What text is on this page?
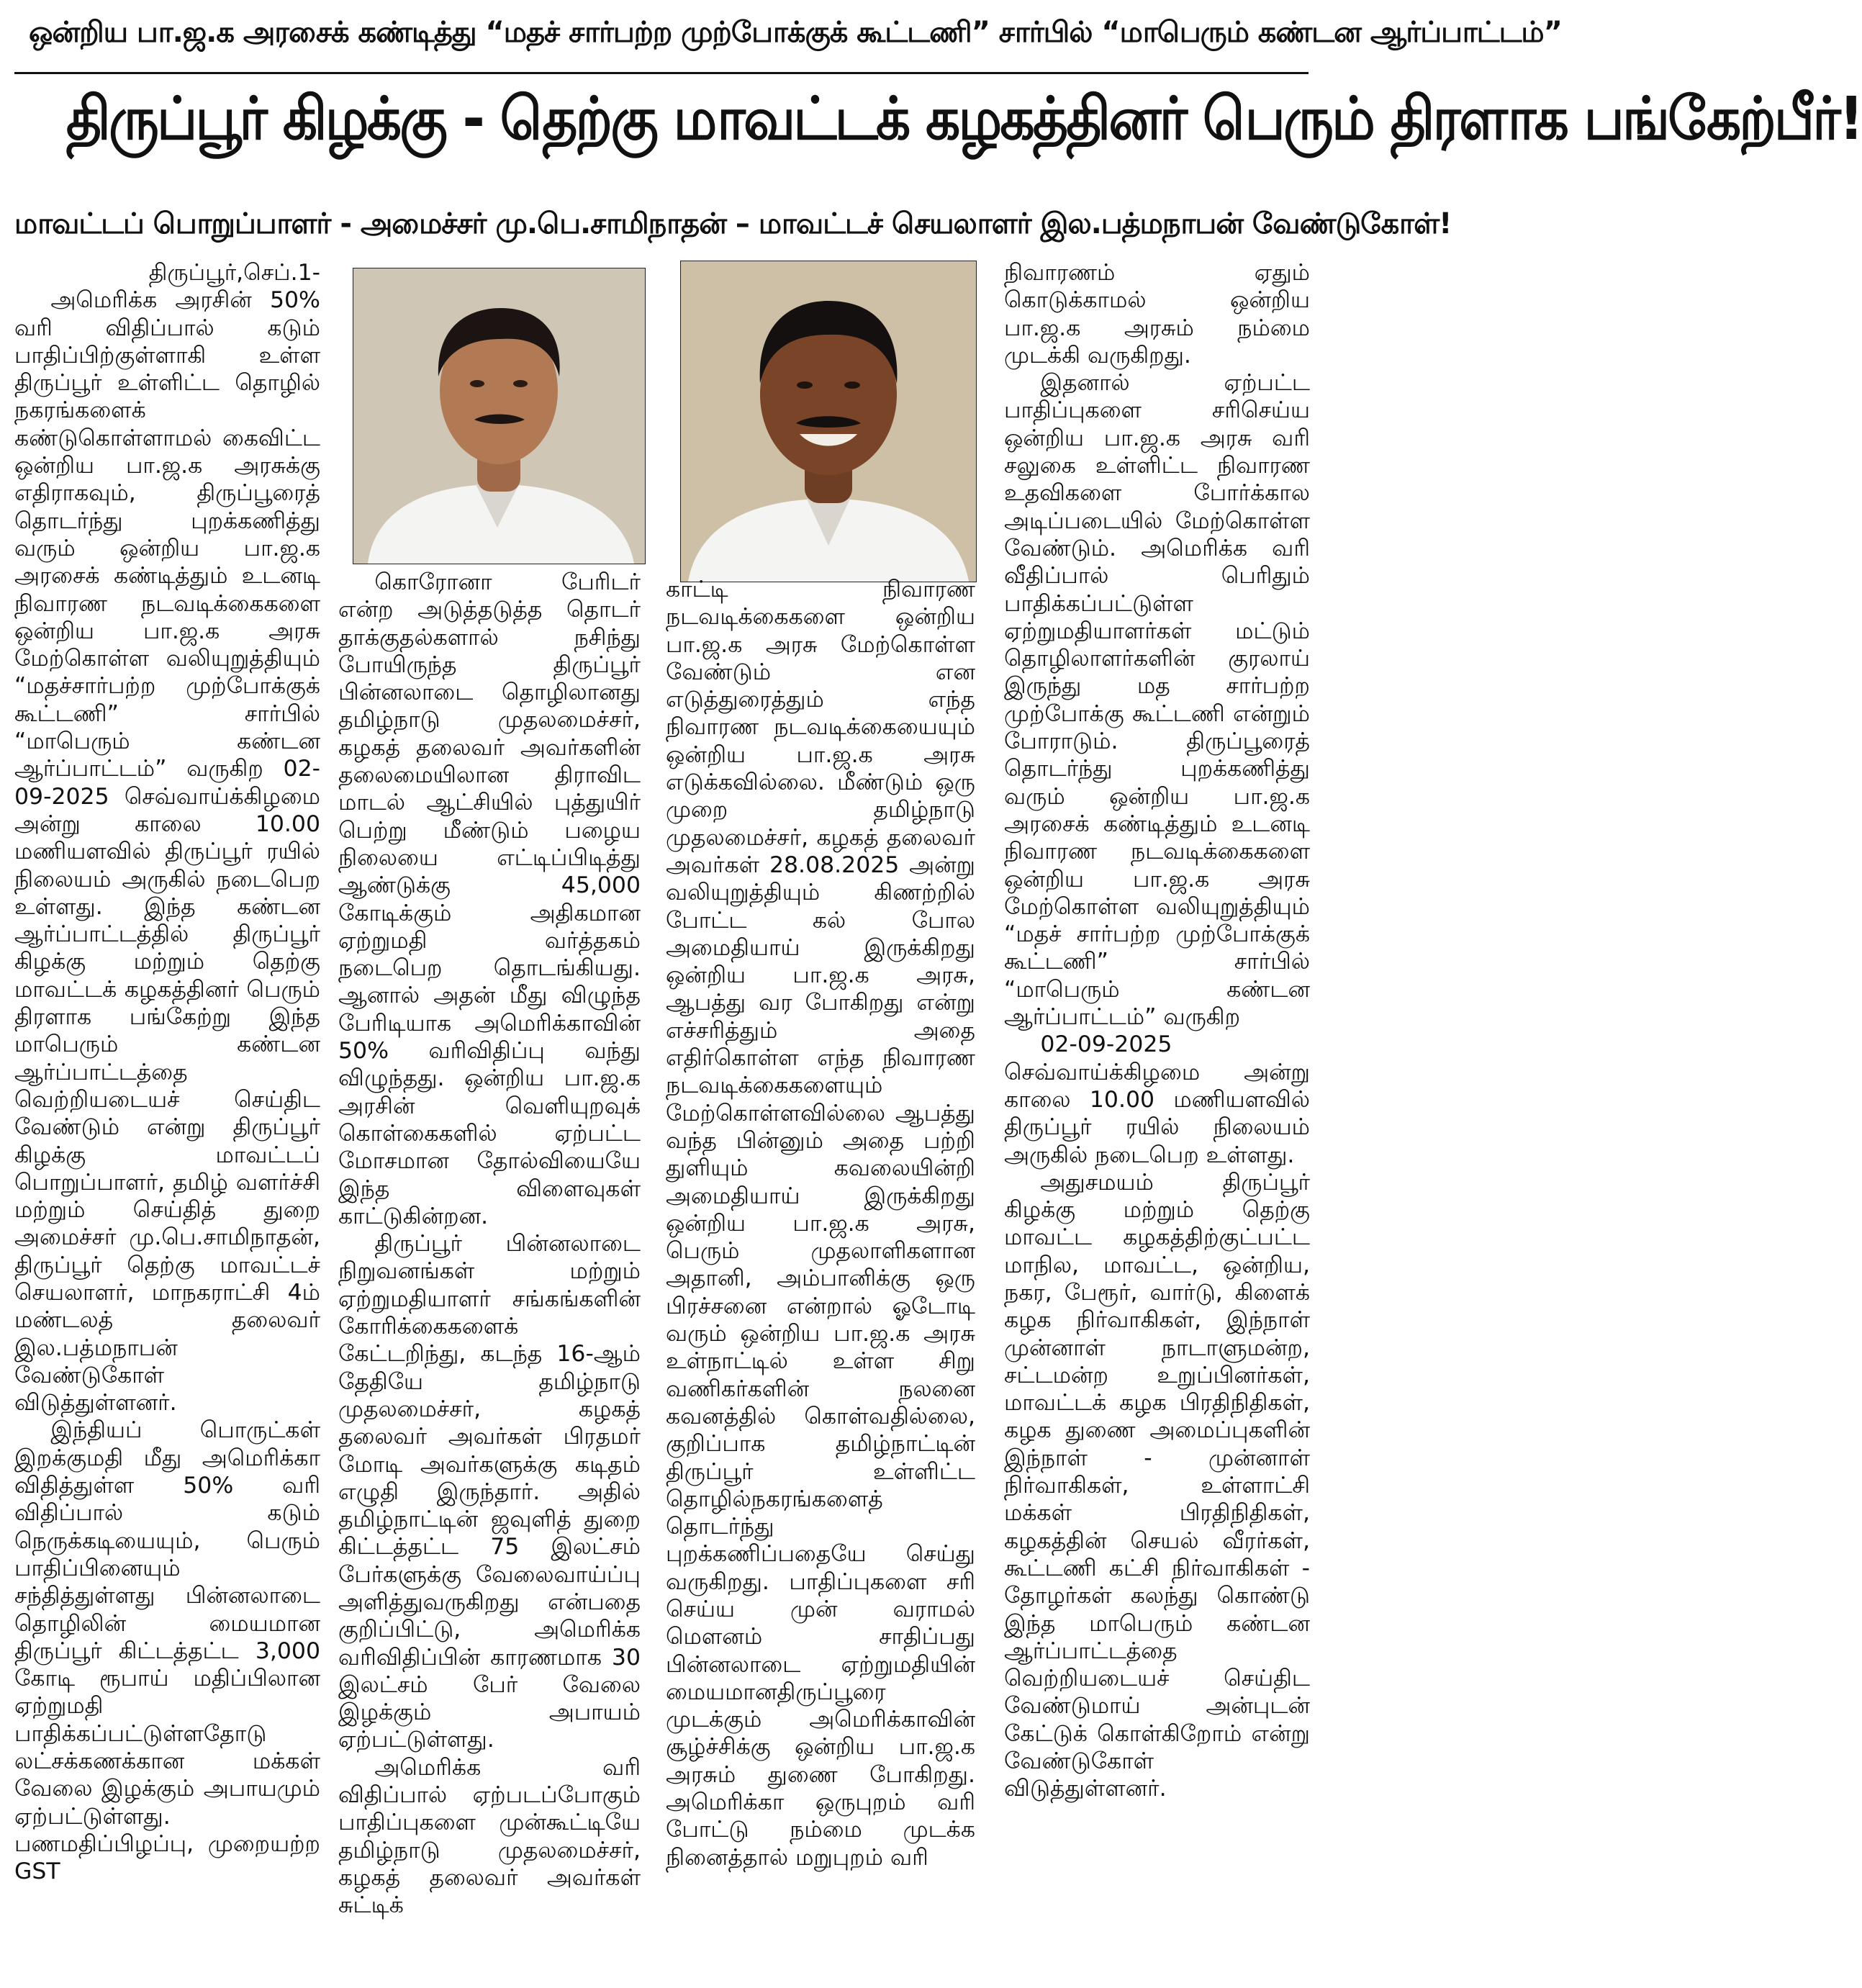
ஒன்றிய பா.ஜ.க அரசைக் கண்டித்து “மதச் சார்பற்ற முற்போக்குக் கூட்டணி” சார்பில் “மாபெரும் கண்டன ஆர்ப்பாட்டம்”
திருப்பூர் கிழக்கு - தெற்கு மாவட்டக் கழகத்தினர் பெரும் திரளாக பங்கேற்பீர்!
மாவட்டப் பொறுப்பாளர் - அமைச்சர் மு.பெ.சாமிநாதன் – மாவட்டச் செயலாளர் இல.பத்மநாபன் வேண்டுகோள்!
திருப்பூர்,செப்.1-

அமெரிக்க அரசின் 50% வரி விதிப்பால் கடும் பாதிப்பிற்குள்ளாகி உள்ள திருப்பூர் உள்ளிட்ட தொழில் நகரங்களைக் கண்டுகொள்ளாமல் கைவிட்ட ஒன்றிய பா.ஜ.க அரசுக்கு எதிராகவும், திருப்பூரைத் தொடர்ந்து புறக்கணித்து வரும் ஒன்றிய பா.ஜ.க அரசைக் கண்டித்தும் உடனடி நிவாரண நடவடிக்கைகளை ஒன்றிய பா.ஜ.க அரசு மேற்கொள்ள வலியுறுத்தியும் “மதச்சார்பற்ற முற்போக்குக் கூட்டணி” சார்பில் “மாபெரும் கண்டன ஆர்ப்பாட்டம்” வருகிற 02-09-2025 செவ்வாய்க்கிழமை அன்று காலை 10.00 மணியளவில் திருப்பூர் ரயில் நிலையம் அருகில் நடைபெற உள்ளது. இந்த கண்டன ஆர்ப்பாட்டத்தில் திருப்பூர் கிழக்கு மற்றும் தெற்கு மாவட்டக் கழகத்தினர் பெரும் திரளாக பங்கேற்று இந்த மாபெரும் கண்டன ஆர்ப்பாட்டத்தை வெற்றியடையச் செய்திட வேண்டும் என்று திருப்பூர் கிழக்கு மாவட்டப் பொறுப்பாளர், தமிழ் வளர்ச்சி மற்றும் செய்தித் துறை அமைச்சர் மு.பெ.சாமிநாதன், திருப்பூர் தெற்கு மாவட்டச் செயலாளர், மாநகராட்சி 4ம் மண்டலத் தலைவர் இல.பத்மநாபன் வேண்டுகோள் விடுத்துள்ளனர்.

இந்தியப் பொருட்கள் இறக்குமதி மீது அமெரிக்கா விதித்துள்ள 50% வரி விதிப்பால் கடும் நெருக்கடியையும், பெரும் பாதிப்பினையும் சந்தித்துள்ளது பின்னலாடை தொழிலின் மையமான திருப்பூர் கிட்டத்தட்ட 3,000 கோடி ரூபாய் மதிப்பிலான ஏற்றுமதி பாதிக்கப்பட்டுள்ளதோடு லட்சக்கணக்கான மக்கள் வேலை இழக்கும் அபாயமும் ஏற்பட்டுள்ளது. பணமதிப்பிழப்பு, முறையற்ற GST

கொரோனா பேரிடர் என்ற அடுத்தடுத்த தொடர் தாக்குதல்களால் நசிந்து போயிருந்த திருப்பூர் பின்னலாடை தொழிலானது தமிழ்நாடு முதலமைச்சர், கழகத் தலைவர் அவர்களின் தலைமையிலான திராவிட மாடல் ஆட்சியில் புத்துயிர் பெற்று மீண்டும் பழைய நிலையை எட்டிப்பிடித்து ஆண்டுக்கு 45,000 கோடிக்கும் அதிகமான ஏற்றுமதி வர்த்தகம் நடைபெற தொடங்கியது. ஆனால் அதன் மீது விழுந்த பேரிடியாக அமெரிக்காவின் 50% வரிவிதிப்பு வந்து விழுந்தது. ஒன்றிய பா.ஜ.க அரசின் வெளியுறவுக் கொள்கைகளில் ஏற்பட்ட மோசமான தோல்வியையே இந்த விளைவுகள் காட்டுகின்றன.

திருப்பூர் பின்னலாடை நிறுவனங்கள் மற்றும் ஏற்றுமதியாளர் சங்கங்களின் கோரிக்கைகளைக் கேட்டறிந்து, கடந்த 16-ஆம் தேதியே தமிழ்நாடு முதலமைச்சர், கழகத் தலைவர் அவர்கள் பிரதமர் மோடி அவர்களுக்கு கடிதம் எழுதி இருந்தார். அதில் தமிழ்நாட்டின் ஜவுளித் துறை கிட்டத்தட்ட 75 இலட்சம் பேர்களுக்கு வேலைவாய்ப்பு அளித்துவருகிறது என்பதை குறிப்பிட்டு, அமெரிக்க வரிவிதிப்பின் காரணமாக 30 இலட்சம் பேர் வேலை இழக்கும் அபாயம் ஏற்பட்டுள்ளது.

அமெரிக்க வரி விதிப்பால் ஏற்படப்போகும் பாதிப்புகளை முன்கூட்டியே தமிழ்நாடு முதலமைச்சர், கழகத் தலைவர் அவர்கள் சுட்டிக்

காட்டி நிவாரண நடவடிக்கைகளை ஒன்றிய பா.ஜ.க அரசு மேற்கொள்ள வேண்டும் என எடுத்துரைத்தும் எந்த நிவாரண நடவடிக்கையையும் ஒன்றிய பா.ஜ.க அரசு எடுக்கவில்லை. மீண்டும் ஒரு முறை தமிழ்நாடு முதலமைச்சர், கழகத் தலைவர் அவர்கள் 28.08.2025 அன்று வலியுறுத்தியும் கிணற்றில் போட்ட கல் போல அமைதியாய் இருக்கிறது ஒன்றிய பா.ஜ.க அரசு, ஆபத்து வர போகிறது என்று எச்சரித்தும் அதை எதிர்கொள்ள எந்த நிவாரண நடவடிக்கைகளையும் மேற்கொள்ளவில்லை ஆபத்து வந்த பின்னும் அதை பற்றி துளியும் கவலையின்றி அமைதியாய் இருக்கிறது ஒன்றிய பா.ஜ.க அரசு, பெரும் முதலாளிகளான அதானி, அம்பானிக்கு ஒரு பிரச்சனை என்றால் ஓடோடி வரும் ஒன்றிய பா.ஜ.க அரசு உள்நாட்டில் உள்ள சிறு வணிகர்களின் நலனை கவனத்தில் கொள்வதில்லை, குறிப்பாக தமிழ்நாட்டின் திருப்பூர் உள்ளிட்ட தொழில்நகரங்களைத் தொடர்ந்து புறக்கணிப்பதையே செய்து வருகிறது. பாதிப்புகளை சரி செய்ய முன் வராமல் மௌனம் சாதிப்பது பின்னலாடை ஏற்றுமதியின் மையமானதிருப்பூரை முடக்கும் அமெரிக்காவின் சூழ்ச்சிக்கு ஒன்றிய பா.ஜ.க அரசும் துணை போகிறது. அமெரிக்கா ஒருபுறம் வரி போட்டு நம்மை முடக்க நினைத்தால் மறுபுறம் வரி

நிவாரணம் ஏதும் கொடுக்காமல் ஒன்றிய பா.ஜ.க அரசும் நம்மை முடக்கி வருகிறது.

இதனால் ஏற்பட்ட பாதிப்புகளை சரிசெய்ய ஒன்றிய பா.ஜ.க அரசு வரி சலுகை உள்ளிட்ட நிவாரண உதவிகளை போர்க்கால அடிப்படையில் மேற்கொள்ள வேண்டும். அமெரிக்க வரி வீதிப்பால் பெரிதும் பாதிக்கப்பட்டுள்ள ஏற்றுமதியாளர்கள் மட்டும் தொழிலாளர்களின் குரலாய் இருந்து மத சார்பற்ற முற்போக்கு கூட்டணி என்றும் போராடும். திருப்பூரைத் தொடர்ந்து புறக்கணித்து வரும் ஒன்றிய பா.ஜ.க அரசைக் கண்டித்தும் உடனடி நிவாரண நடவடிக்கைகளை ஒன்றிய பா.ஜ.க அரசு மேற்கொள்ள வலியுறுத்தியும் “மதச் சார்பற்ற முற்போக்குக் கூட்டணி” சார்பில் “மாபெரும் கண்டன ஆர்ப்பாட்டம்” வருகிற

02-09-2025 செவ்வாய்க்கிழமை அன்று காலை 10.00 மணியளவில் திருப்பூர் ரயில் நிலையம் அருகில் நடைபெற உள்ளது.

அதுசமயம் திருப்பூர் கிழக்கு மற்றும் தெற்கு மாவட்ட கழகத்திற்குட்பட்ட மாநில, மாவட்ட, ஒன்றிய, நகர, பேரூர், வார்டு, கிளைக் கழக நிர்வாகிகள், இந்நாள் முன்னாள் நாடாளுமன்ற, சட்டமன்ற உறுப்பினர்கள், மாவட்டக் கழக பிரதிநிதிகள், கழக துணை அமைப்புகளின் இந்நாள் - முன்னாள் நிர்வாகிகள், உள்ளாட்சி மக்கள் பிரதிநிதிகள், கழகத்தின் செயல் வீரர்கள், கூட்டணி கட்சி நிர்வாகிகள் - தோழர்கள் கலந்து கொண்டு இந்த மாபெரும் கண்டன ஆர்ப்பாட்டத்தை வெற்றியடையச் செய்திட வேண்டுமாய் அன்புடன் கேட்டுக் கொள்கிறோம் என்று வேண்டுகோள் விடுத்துள்ளனர்.
